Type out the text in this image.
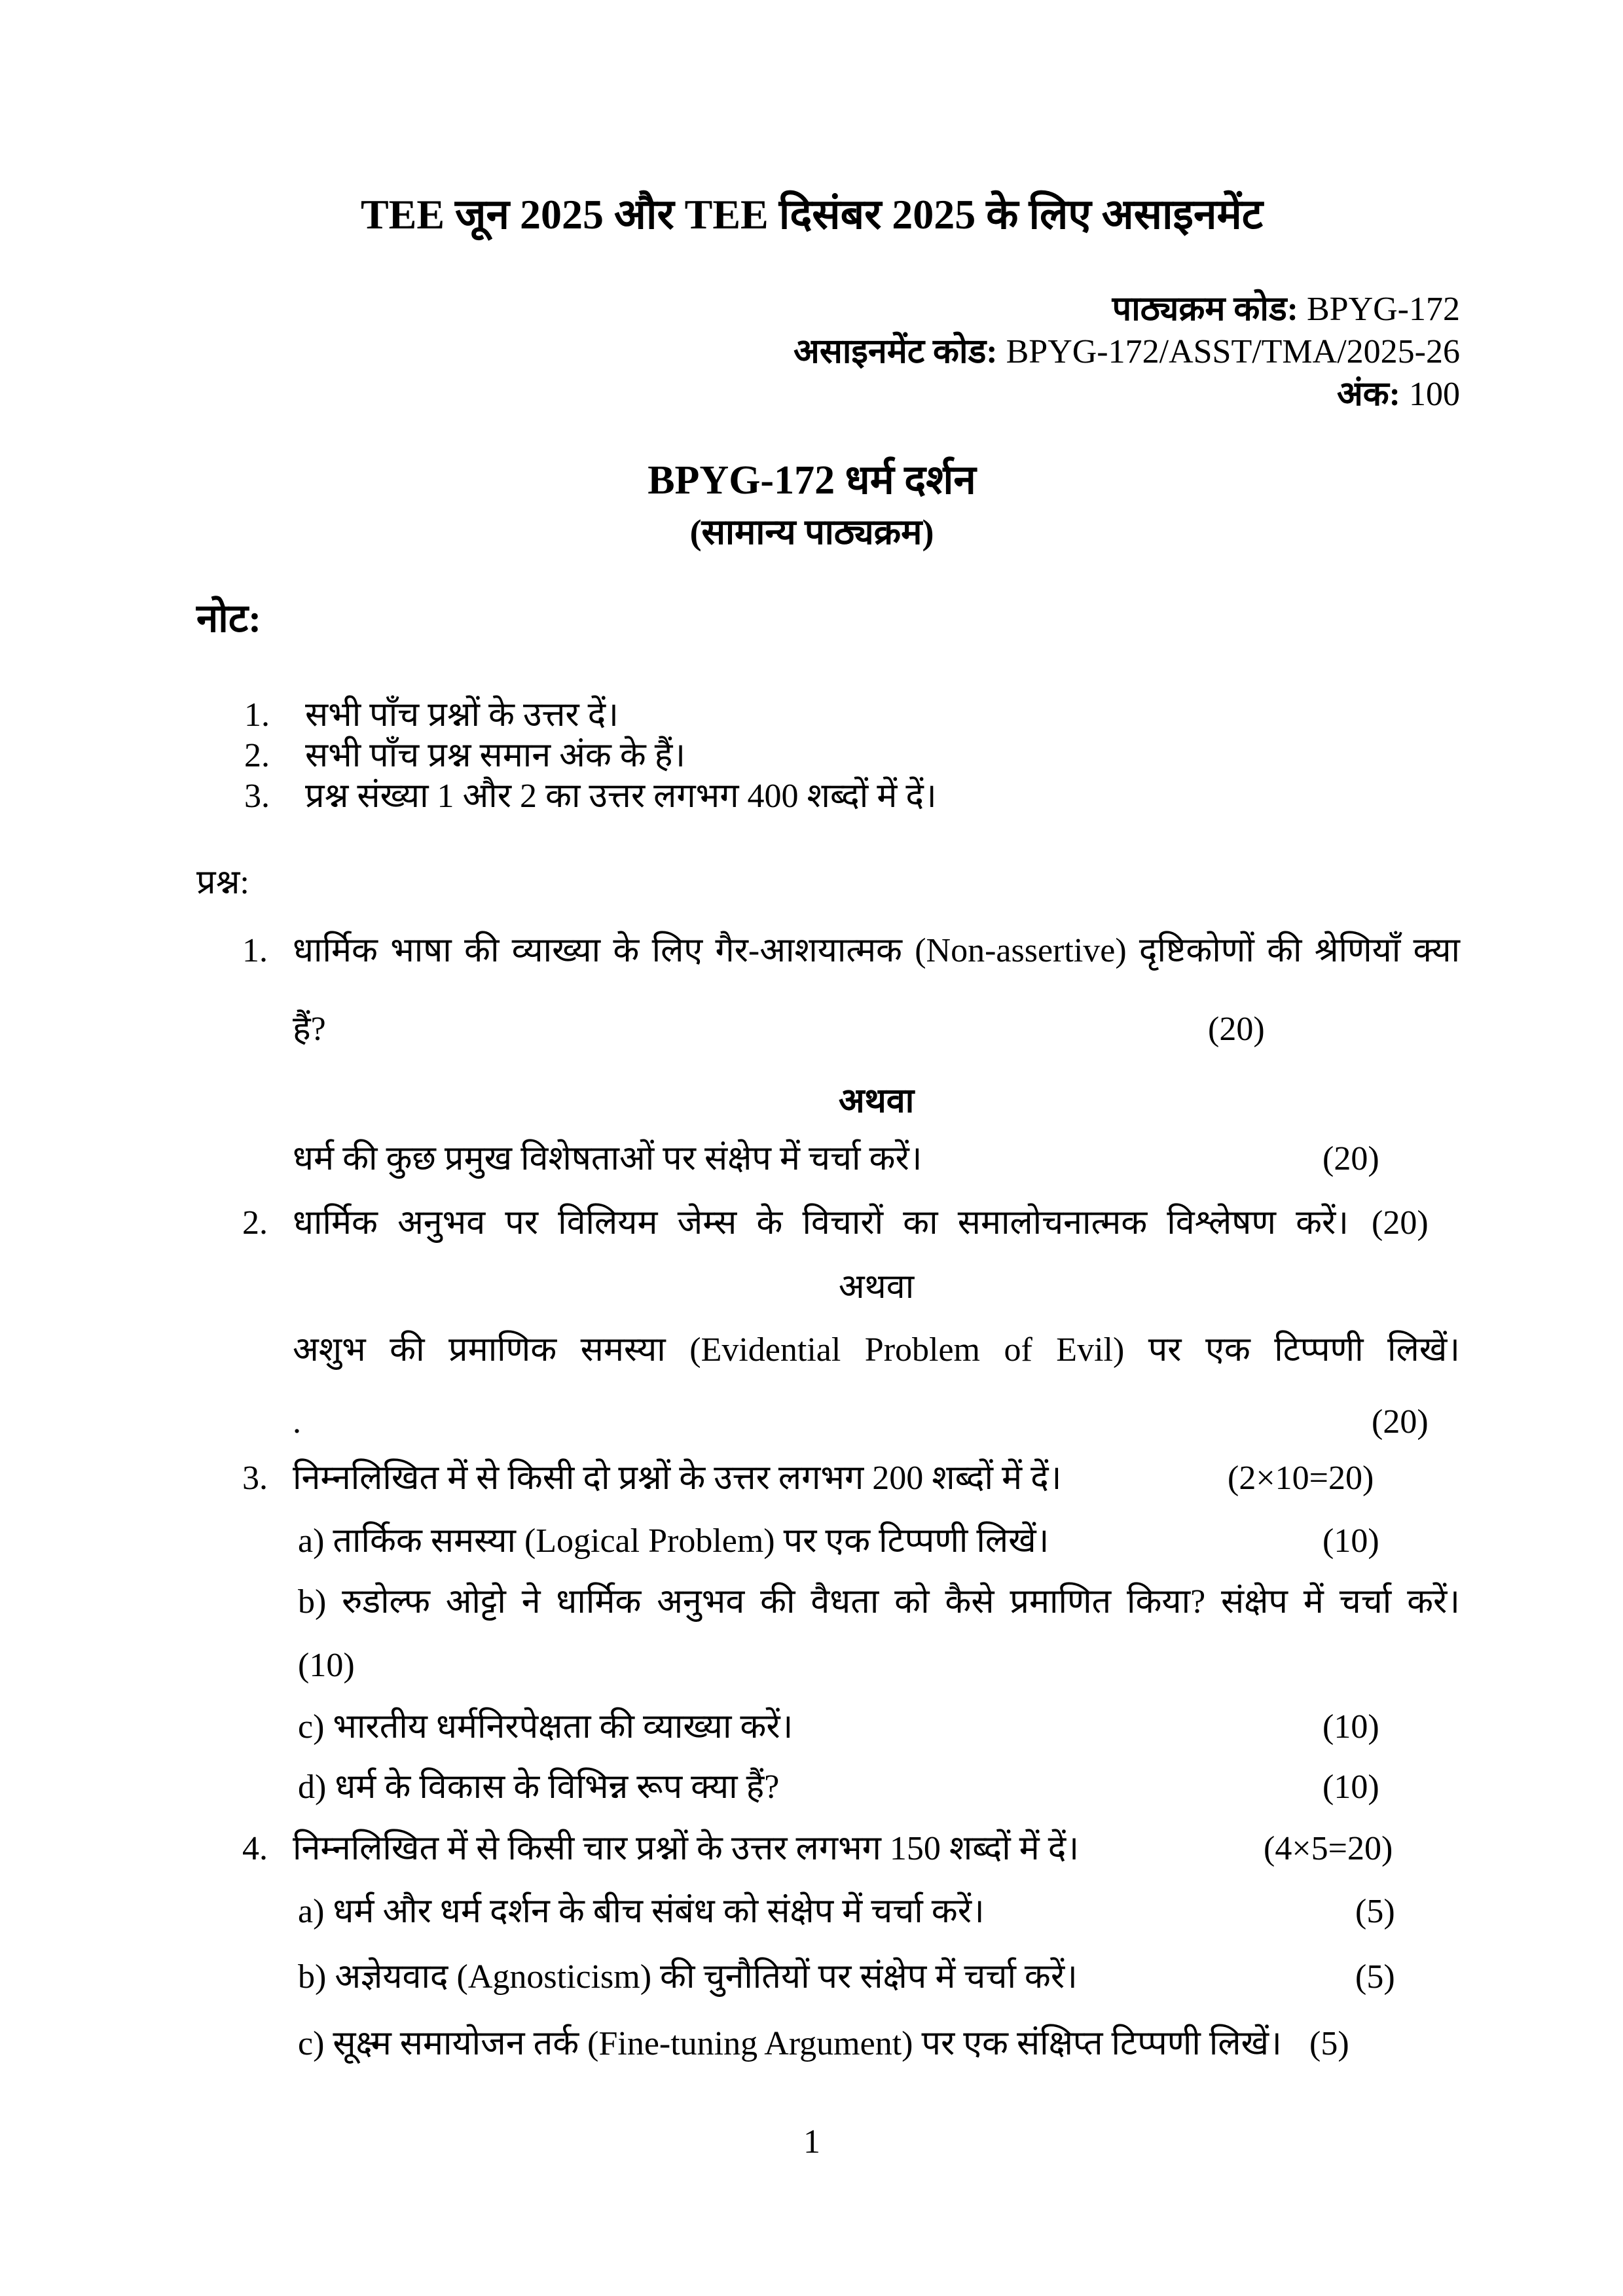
TEE जून 2025 और TEE दिसंबर 2025 के लिए असाइनमेंट
पाठ्यक्रम कोड: BPYG-172
असाइनमेंट कोड: BPYG-172/ASST/TMA/2025-26
अंक: 100
BPYG-172 धर्म दर्शन
(सामान्य पाठ्यक्रम)
नोट:
1. सभी पाँच प्रश्नों के उत्तर दें।
2. सभी पाँच प्रश्न समान अंक के हैं।
3. प्रश्न संख्या 1 और 2 का उत्तर लगभग 400 शब्दों में दें।
प्रश्न:
1. धार्मिक भाषा की व्याख्या के लिए गैर-आशयात्मक (Non-assertive) दृष्टिकोणों की श्रेणियाँ क्या
हैं?	(20)
अथवा
धर्म की कुछ प्रमुख विशेषताओं पर संक्षेप में चर्चा करें।	(20)
2. धार्मिक अनुभव पर विलियम जेम्स के विचारों का समालोचनात्मक विश्लेषण करें। (20)
अथवा
अशुभ की प्रमाणिक समस्या (Evidential Problem of Evil) पर एक टिप्पणी लिखें।
.	(20)
3. निम्नलिखित में से किसी दो प्रश्नों के उत्तर लगभग 200 शब्दों में दें।	(2×10=20)
a) तार्किक समस्या (Logical Problem) पर एक टिप्पणी लिखें।	(10)
b) रुडोल्फ ओट्टो ने धार्मिक अनुभव की वैधता को कैसे प्रमाणित किया? संक्षेप में चर्चा करें।
(10)
c) भारतीय धर्मनिरपेक्षता की व्याख्या करें।	(10)
d) धर्म के विकास के विभिन्न रूप क्या हैं?	(10)
4. निम्नलिखित में से किसी चार प्रश्नों के उत्तर लगभग 150 शब्दों में दें।	(4×5=20)
a) धर्म और धर्म दर्शन के बीच संबंध को संक्षेप में चर्चा करें।	(5)
b) अज्ञेयवाद (Agnosticism) की चुनौतियों पर संक्षेप में चर्चा करें।	(5)
c) सूक्ष्म समायोजन तर्क (Fine-tuning Argument) पर एक संक्षिप्त टिप्पणी लिखें। (5)
1
